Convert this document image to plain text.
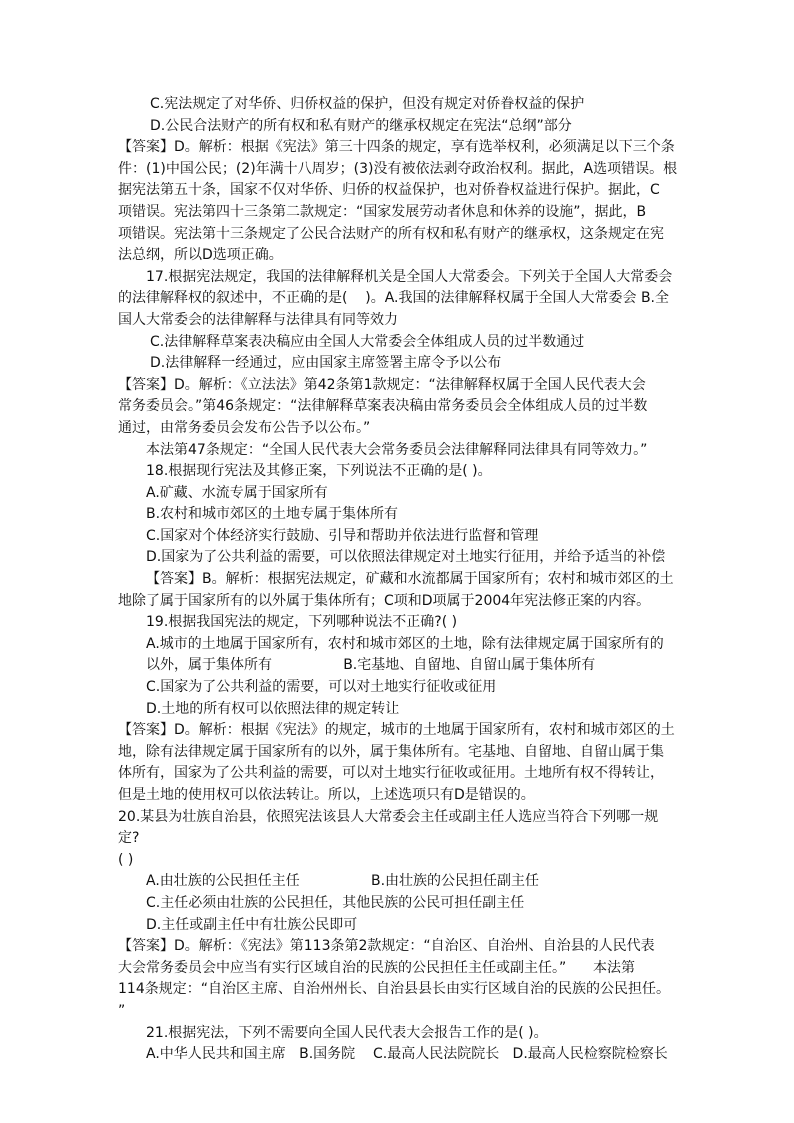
C.宪法规定了对华侨、归侨权益的保护，但没有规定对侨眷权益的保护

D.公民合法财产的所有权和私有财产的继承权规定在宪法“总纲”部分

【答案】D。解析：根据《宪法》第三十四条的规定，享有选举权利，必须满足以下三个条

件：(1)中国公民；(2)年满十八周岁；(3)没有被依法剥夺政治权利。据此，A选项错误。根

据宪法第五十条，国家不仅对华侨、归侨的权益保护，也对侨眷权益进行保护。据此，C

项错误。宪法第四十三条第二款规定：“国家发展劳动者休息和休养的设施”，据此，B

项错误。宪法第十三条规定了公民合法财产的所有权和私有财产的继承权，这条规定在宪

法总纲，所以D选项正确。

17.根据宪法规定，我国的法律解释机关是全国人大常委会。下列关于全国人大常委会

的法律解释权的叙述中，不正确的是(    )。A.我国的法律解释权属于全国人大常委会 B.全

国人大常委会的法律解释与法律具有同等效力

C.法律解释草案表决稿应由全国人大常委会全体组成人员的过半数通过

D.法律解释一经通过，应由国家主席签署主席令予以公布

【答案】D。解析：《立法法》第42条第1款规定：“法律解释权属于全国人民代表大会

常务委员会。”第46条规定：“法律解释草案表决稿由常务委员会全体组成人员的过半数

通过，由常务委员会发布公告予以公布。”

本法第47条规定：“全国人民代表大会常务委员会法律解释同法律具有同等效力。”

18.根据现行宪法及其修正案，下列说法不正确的是( )。

A.矿藏、水流专属于国家所有

B.农村和城市郊区的土地专属于集体所有

C.国家对个体经济实行鼓励、引导和帮助并依法进行监督和管理

D.国家为了公共利益的需要，可以依照法律规定对土地实行征用，并给予适当的补偿

【答案】B。解析：根据宪法规定，矿藏和水流都属于国家所有；农村和城市郊区的土

地除了属于国家所有的以外属于集体所有；C项和D项属于2004年宪法修正案的内容。

19.根据我国宪法的规定，下列哪种说法不正确?( )

A.城市的土地属于国家所有，农村和城市郊区的土地，除有法律规定属于国家所有的

以外，属于集体所有                B.宅基地、自留地、自留山属于集体所有

C.国家为了公共利益的需要，可以对土地实行征收或征用

D.土地的所有权可以依照法律的规定转让

【答案】D。解析：根据《宪法》的规定，城市的土地属于国家所有，农村和城市郊区的土

地，除有法律规定属于国家所有的以外，属于集体所有。宅基地、自留地、自留山属于集

体所有，国家为了公共利益的需要，可以对土地实行征收或征用。土地所有权不得转让，

但是土地的使用权可以依法转让。所以，上述选项只有D是错误的。

20.某县为壮族自治县，依照宪法该县人大常委会主任或副主任人选应当符合下列哪一规定?

( )

A.由壮族的公民担任主任                B.由壮族的公民担任副主任

C.主任必须由壮族的公民担任，其他民族的公民可担任副主任

D.主任或副主任中有壮族公民即可

【答案】D。解析：《宪法》第113条第2款规定：“自治区、自治州、自治县的人民代表

大会常务委员会中应当有实行区域自治的民族的公民担任主任或副主任。”      本法第

114条规定：“自治区主席、自治州州长、自治县县长由实行区域自治的民族的公民担任。

”

21.根据宪法，下列不需要向全国人民代表大会报告工作的是( )。

A.中华人民共和国主席   B.国务院    C.最高人民法院院长   D.最高人民检察院检察长
